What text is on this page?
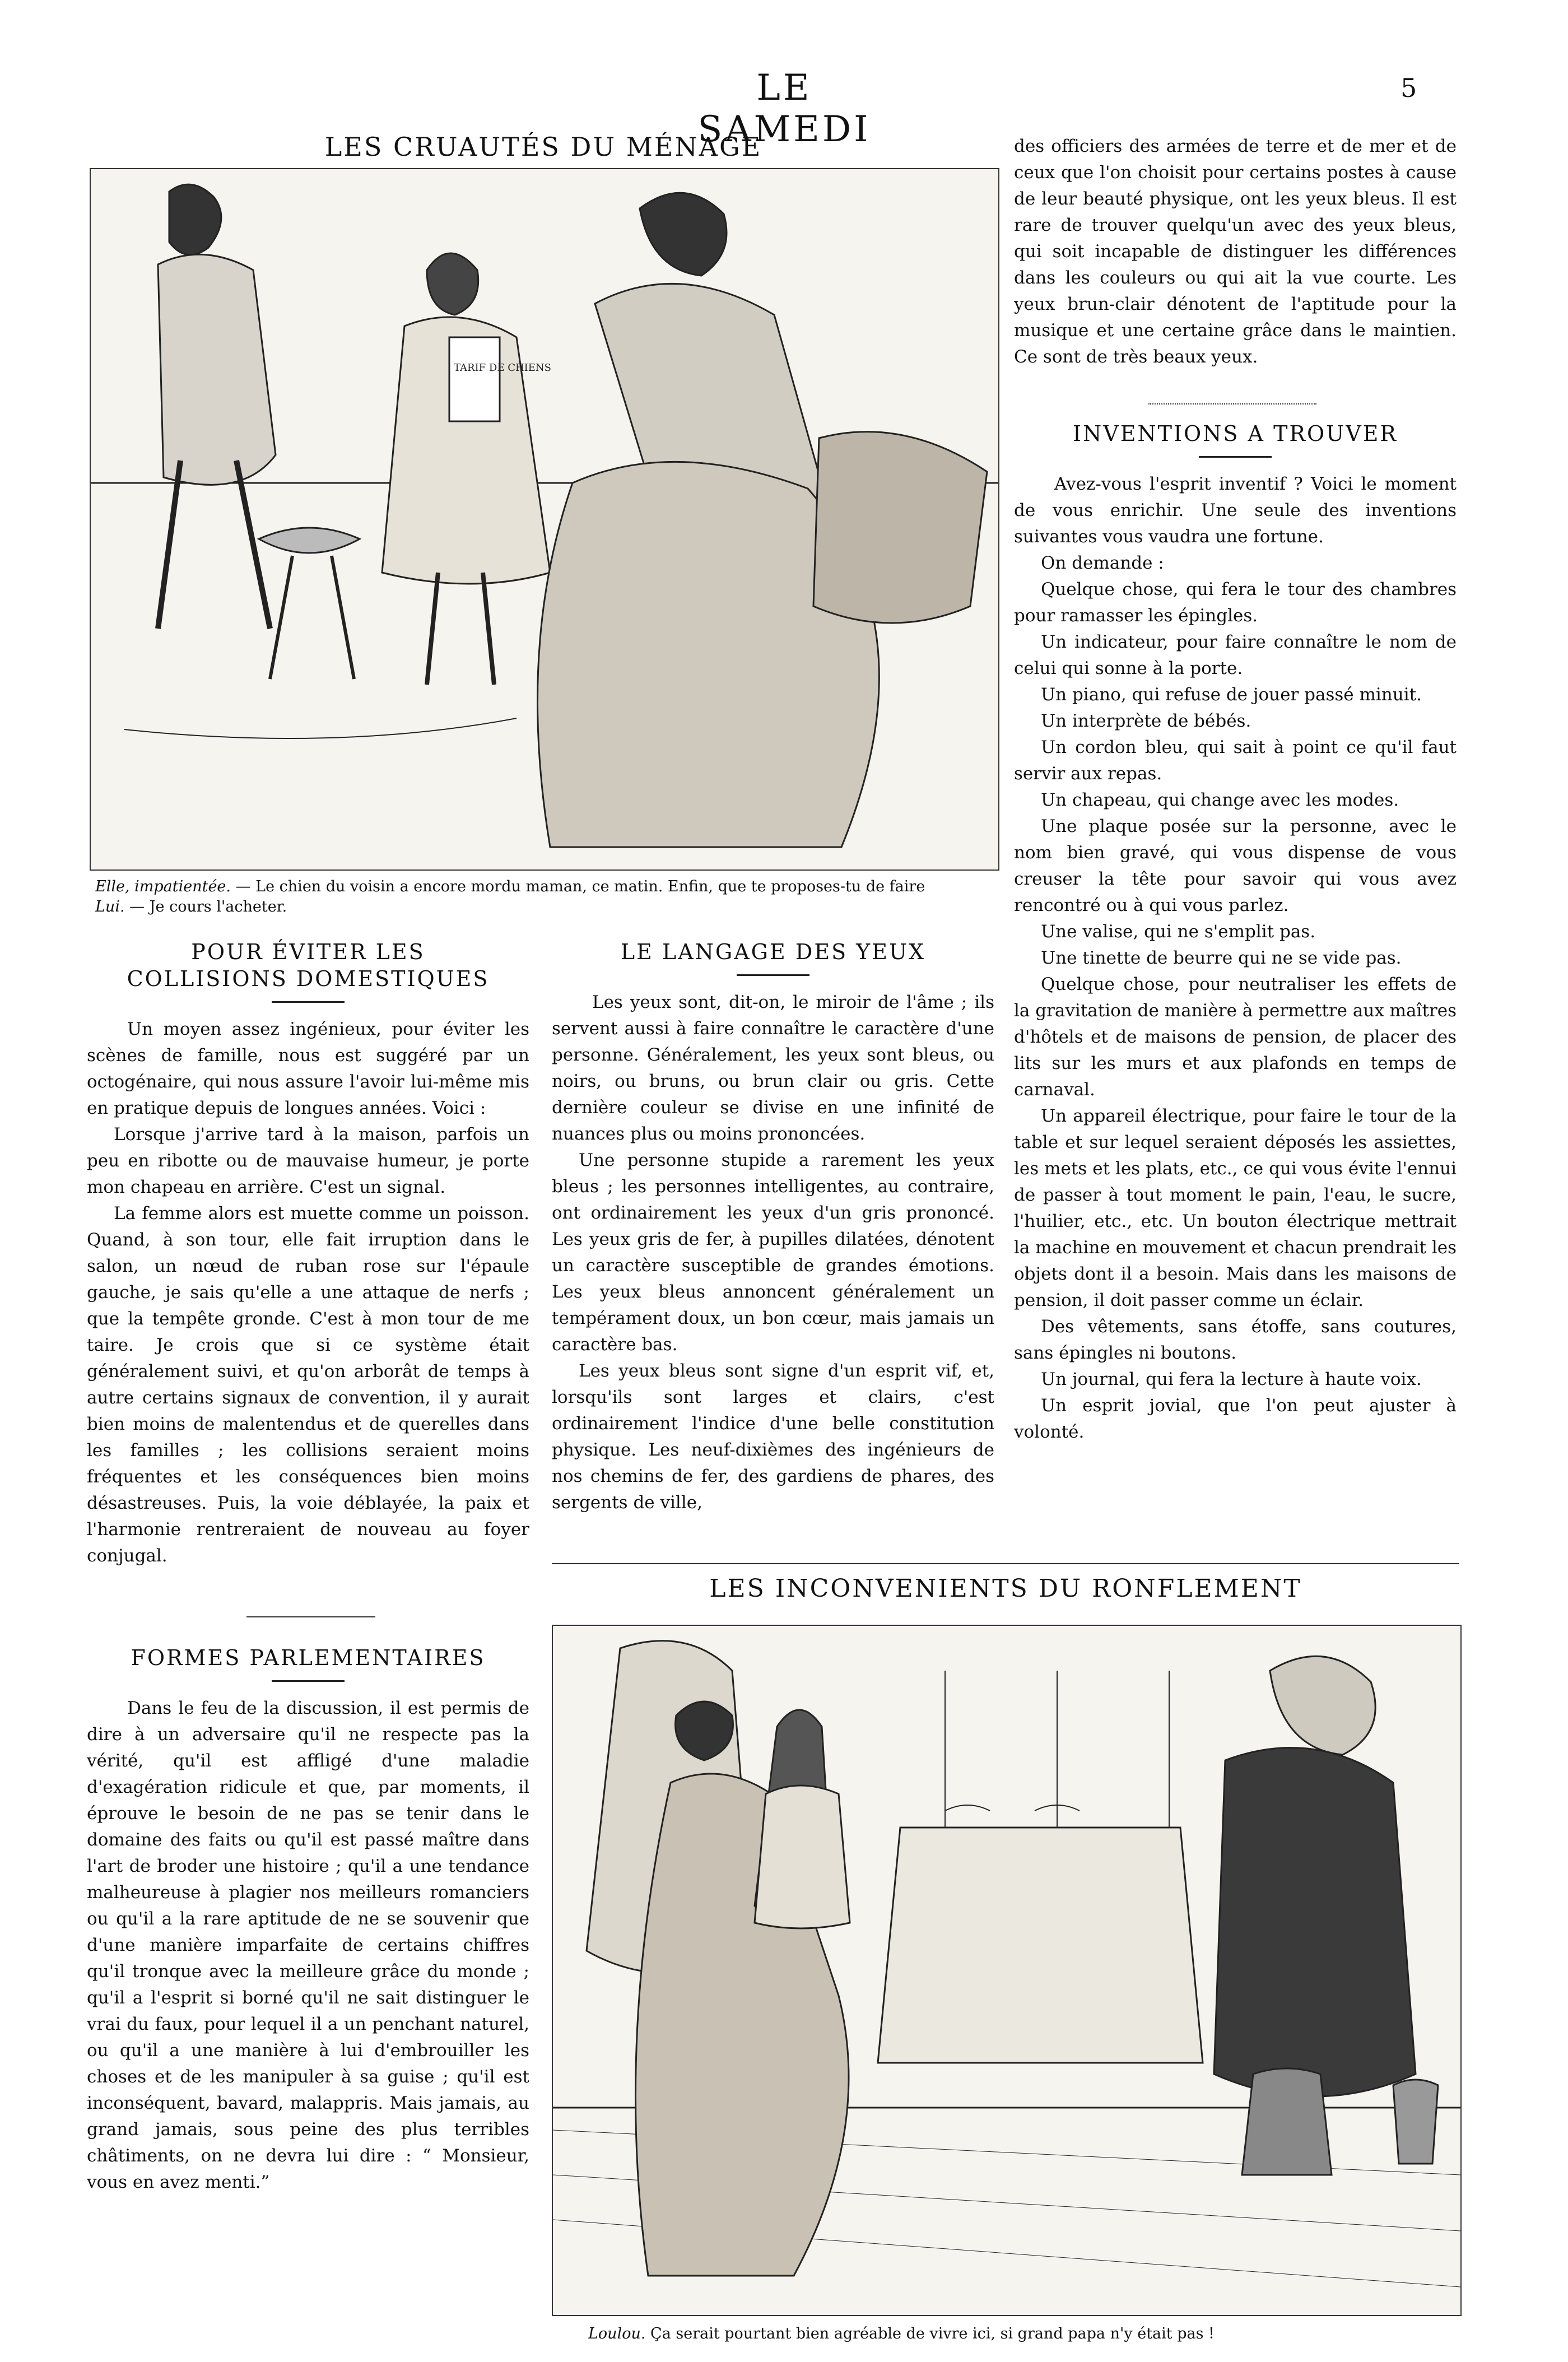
LE SAMEDI
5
LES CRUAUTÉS DU MÉNAGE
TARIF DE CHIENS
Elle, impatientée. — Le chien du voisin a encore mordu maman, ce matin. Enfin, que te proposes-tu de faire
Lui. — Je cours l'acheter.
POUR ÉVITER LES COLLISIONS DOMESTIQUES

Un moyen assez ingénieux, pour éviter les scènes de famille, nous est suggéré par un octogénaire, qui nous assure l'avoir lui-même mis en pratique depuis de longues années. Voici :

Lorsque j'arrive tard à la maison, parfois un peu en ribotte ou de mauvaise humeur, je porte mon chapeau en arrière. C'est un signal.

La femme alors est muette comme un poisson. Quand, à son tour, elle fait irruption dans le salon, un nœud de ruban rose sur l'épaule gauche, je sais qu'elle a une attaque de nerfs ; que la tempête gronde. C'est à mon tour de me taire. Je crois que si ce système était généralement suivi, et qu'on arborât de temps à autre certains signaux de convention, il y aurait bien moins de malentendus et de querelles dans les familles ; les collisions seraient moins fréquentes et les conséquences bien moins désastreuses. Puis, la voie déblayée, la paix et l'harmonie rentreraient de nouveau au foyer conjugal.

FORMES PARLEMENTAIRES

Dans le feu de la discussion, il est permis de dire à un adversaire qu'il ne respecte pas la vérité, qu'il est affligé d'une maladie d'exagération ridicule et que, par moments, il éprouve le besoin de ne pas se tenir dans le domaine des faits ou qu'il est passé maître dans l'art de broder une histoire ; qu'il a une tendance malheureuse à plagier nos meilleurs romanciers ou qu'il a la rare aptitude de ne se souvenir que d'une manière imparfaite de certains chiffres qu'il tronque avec la meilleure grâce du monde ; qu'il a l'esprit si borné qu'il ne sait distinguer le vrai du faux, pour lequel il a un penchant naturel, ou qu'il a une manière à lui d'embrouiller les choses et de les manipuler à sa guise ; qu'il est inconséquent, bavard, malappris. Mais jamais, au grand jamais, sous peine des plus terribles châtiments, on ne devra lui dire : “ Monsieur, vous en avez menti.”

LE LANGAGE DES YEUX

Les yeux sont, dit-on, le miroir de l'âme ; ils servent aussi à faire connaître le caractère d'une personne. Généralement, les yeux sont bleus, ou noirs, ou bruns, ou brun clair ou gris. Cette dernière couleur se divise en une infinité de nuances plus ou moins prononcées.

Une personne stupide a rarement les yeux bleus ; les personnes intelligentes, au contraire, ont ordinairement les yeux d'un gris prononcé. Les yeux gris de fer, à pupilles dilatées, dénotent un caractère susceptible de grandes émotions. Les yeux bleus annoncent généralement un tempérament doux, un bon cœur, mais jamais un caractère bas.

Les yeux bleus sont signe d'un esprit vif, et, lorsqu'ils sont larges et clairs, c'est ordinairement l'indice d'une belle constitution physique. Les neuf-dixièmes des ingénieurs de nos chemins de fer, des gardiens de phares, des sergents de ville,

des officiers des armées de terre et de mer et de ceux que l'on choisit pour certains postes à cause de leur beauté physique, ont les yeux bleus. Il est rare de trouver quelqu'un avec des yeux bleus, qui soit incapable de distinguer les différences dans les couleurs ou qui ait la vue courte. Les yeux brun-clair dénotent de l'aptitude pour la musique et une certaine grâce dans le maintien. Ce sont de très beaux yeux.

INVENTIONS A TROUVER

Avez-vous l'esprit inventif ? Voici le moment de vous enrichir. Une seule des inventions suivantes vous vaudra une fortune.

On demande :

Quelque chose, qui fera le tour des chambres pour ramasser les épingles.

Un indicateur, pour faire connaître le nom de celui qui sonne à la porte.

Un piano, qui refuse de jouer passé minuit.

Un interprète de bébés.

Un cordon bleu, qui sait à point ce qu'il faut servir aux repas.

Un chapeau, qui change avec les modes.

Une plaque posée sur la personne, avec le nom bien gravé, qui vous dispense de vous creuser la tête pour savoir qui vous avez rencontré ou à qui vous parlez.

Une valise, qui ne s'emplit pas.

Une tinette de beurre qui ne se vide pas.

Quelque chose, pour neutraliser les effets de la gravitation de manière à permettre aux maîtres d'hôtels et de maisons de pension, de placer des lits sur les murs et aux plafonds en temps de carnaval.

Un appareil électrique, pour faire le tour de la table et sur lequel seraient déposés les assiettes, les mets et les plats, etc., ce qui vous évite l'ennui de passer à tout moment le pain, l'eau, le sucre, l'huilier, etc., etc. Un bouton électrique mettrait la machine en mouvement et chacun prendrait les objets dont il a besoin. Mais dans les maisons de pension, il doit passer comme un éclair.

Des vêtements, sans étoffe, sans coutures, sans épingles ni boutons.

Un journal, qui fera la lecture à haute voix.

Un esprit jovial, que l'on peut ajuster à volonté.

LES INCONVENIENTS DU RONFLEMENT
Loulou. Ça serait pourtant bien agréable de vivre ici, si grand papa n'y était pas !
